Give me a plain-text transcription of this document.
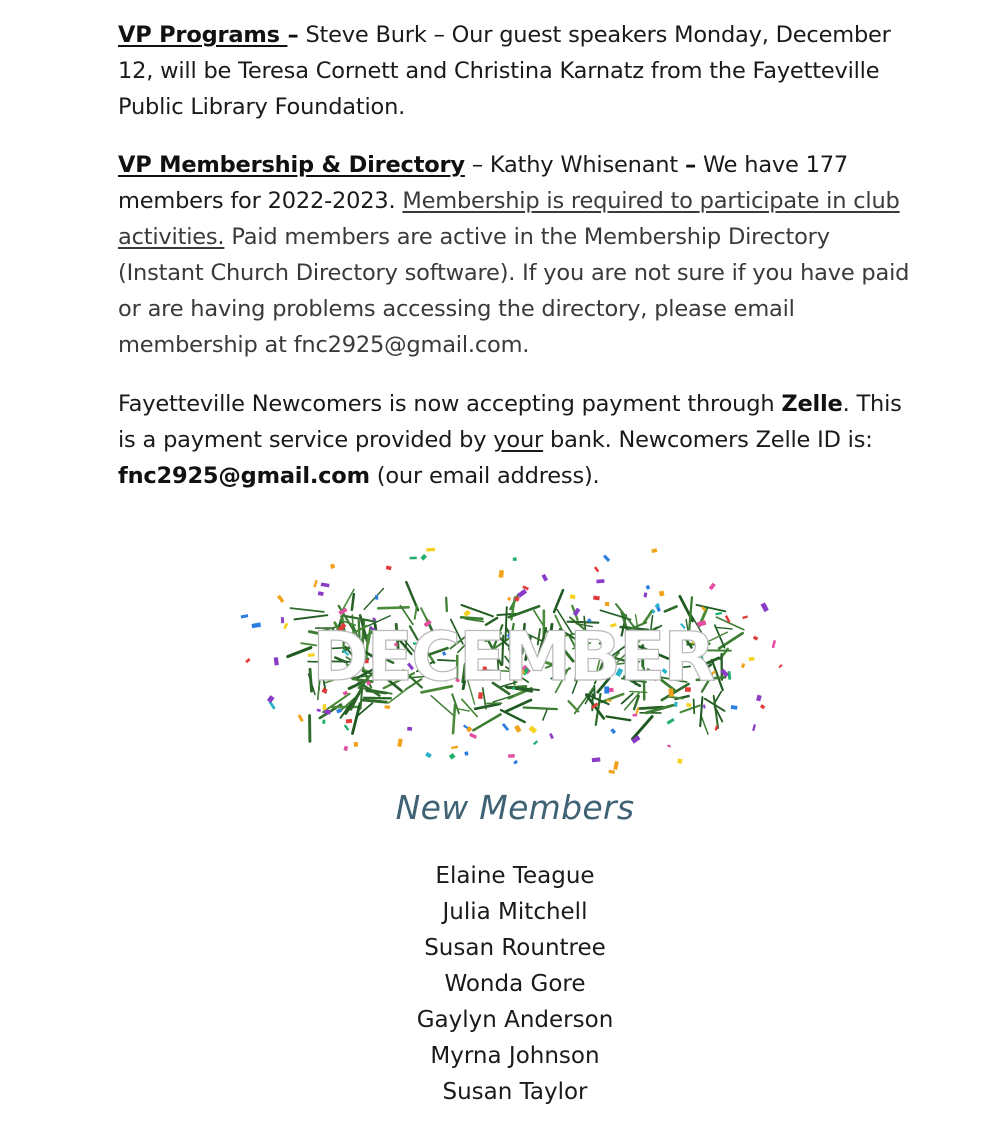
VP Programs – Steve Burk – Our guest speakers Monday, December 12, will be Teresa Cornett and Christina Karnatz from the Fayetteville Public Library Foundation.

VP Membership & Directory – Kathy Whisenant – We have 177 members for 2022-2023. Membership is required to participate in club activities. Paid members are active in the Membership Directory (Instant Church Directory software). If you are not sure if you have paid or are having problems accessing the directory, please email membership at fnc2925@gmail.com.

Fayetteville Newcomers is now accepting payment through Zelle. This is a payment service provided by your bank. Newcomers Zelle ID is: fnc2925@gmail.com (our email address).

DECEMBER
New Members
Elaine Teague
Julia Mitchell
Susan Rountree
Wonda Gore
Gaylyn Anderson
Myrna Johnson
Susan Taylor
